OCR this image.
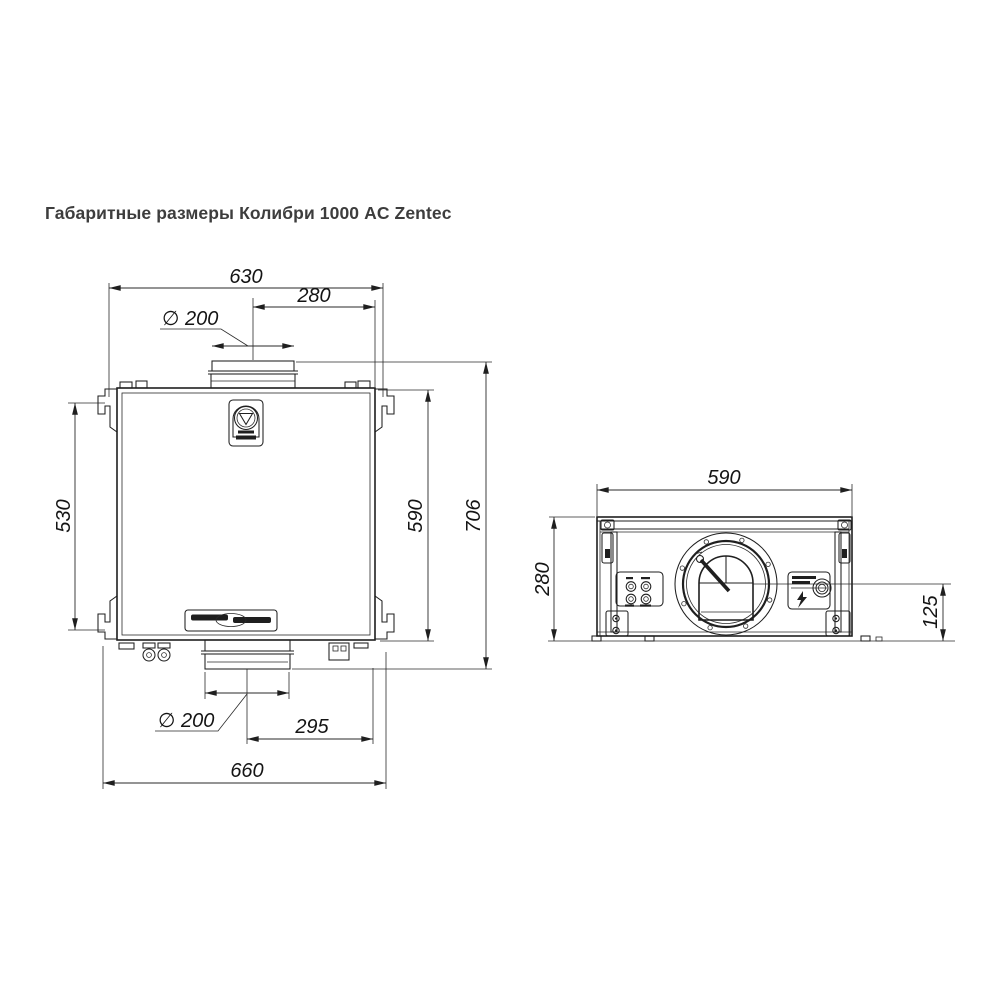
Габаритные размеры Колибри 1000 AC Zentec
630
280
∅ 200
530	590 706
∅ 200	295
660
590
280
125
